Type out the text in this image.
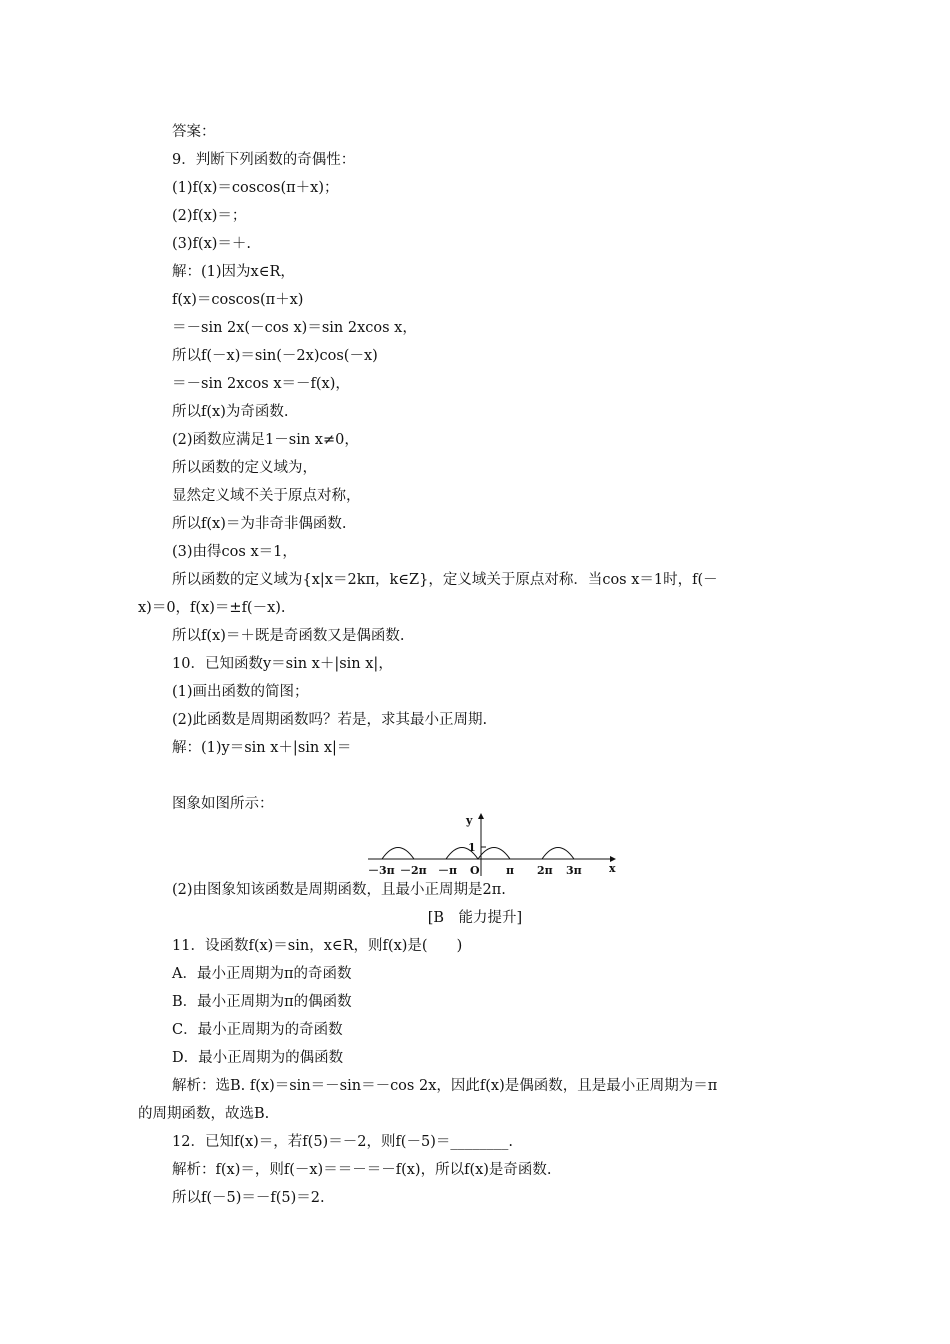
答案：
9．判断下列函数的奇偶性：
(1)f(x)＝coscos(π＋x)；
(2)f(x)＝；
(3)f(x)＝＋.
解：(1)因为x∈R，
f(x)＝coscos(π＋x)
＝－sin 2x(－cos x)＝sin 2xcos x，
所以f(－x)＝sin(－2x)cos(－x)
＝－sin 2xcos x＝－f(x)，
所以f(x)为奇函数.
(2)函数应满足1－sin x≠0，
所以函数的定义域为，
显然定义域不关于原点对称，
所以f(x)＝为非奇非偶函数.
(3)由得cos x＝1，
所以函数的定义域为{x|x＝2kπ，k∈Z}，定义域关于原点对称．当cos x＝1时，f(－
x)＝0，f(x)＝±f(－x).
所以f(x)＝＋既是奇函数又是偶函数.
10．已知函数y＝sin x＋|sin x|，
(1)画出函数的简图；
(2)此函数是周期函数吗？若是，求其最小正周期.
解：(1)y＝sin x＋|sin x|＝
图象如图所示：
y
1
O	x
－3π －2π －π	π 2π 3π
(2)由图象知该函数是周期函数，且最小正周期是2π.
[B　能力提升]
11．设函数f(x)＝sin，x∈R，则f(x)是(　　)
A．最小正周期为π的奇函数
B．最小正周期为π的偶函数
C．最小正周期为的奇函数
D．最小正周期为的偶函数
解析：选B. f(x)＝sin＝－sin＝－cos 2x，因此f(x)是偶函数，且是最小正周期为＝π
的周期函数，故选B.
12．已知f(x)＝，若f(5)＝－2，则f(－5)＝________.
解析：f(x)＝，则f(－x)＝＝－＝－f(x)，所以f(x)是奇函数.
所以f(－5)＝－f(5)＝2.
